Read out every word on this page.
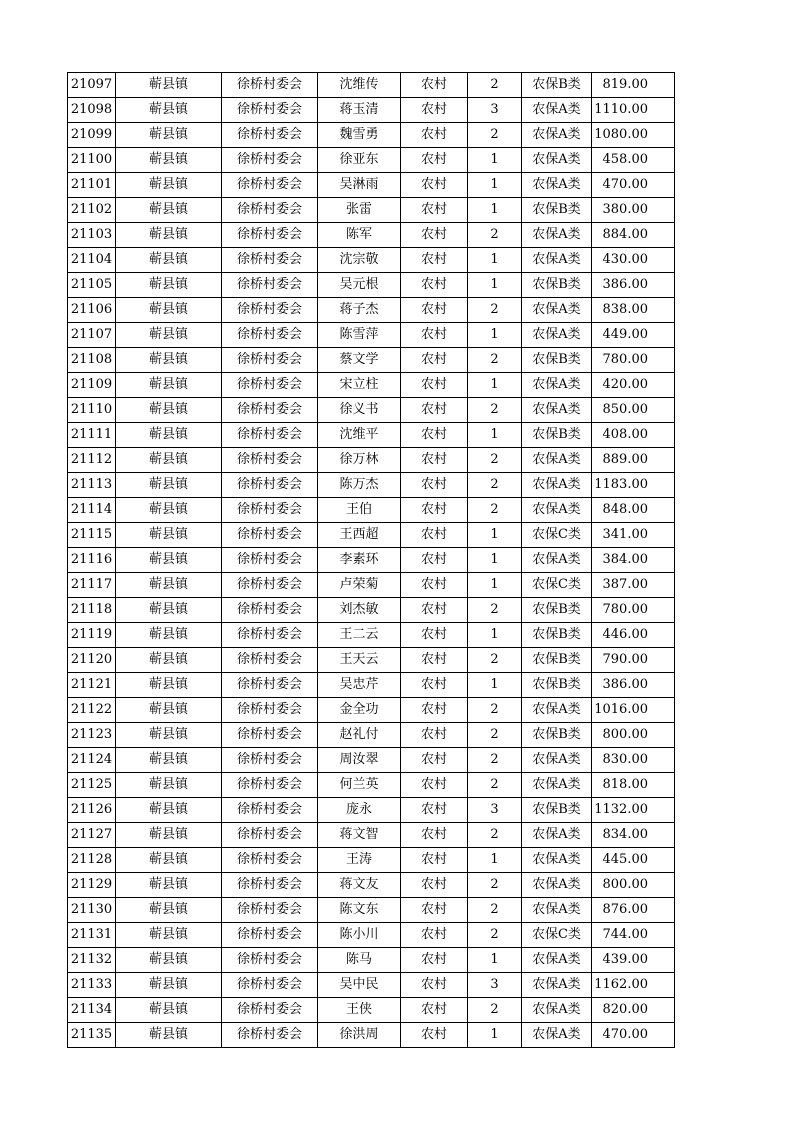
21097	蕲县镇	徐桥村委会	沈维传	农村	2	农保B类	819.00
21098	蕲县镇	徐桥村委会	蒋玉清	农村	3	农保A类	1110.00
21099	蕲县镇	徐桥村委会	魏雪勇	农村	2	农保A类	1080.00
21100	蕲县镇	徐桥村委会	徐亚东	农村	1	农保A类	458.00
21101	蕲县镇	徐桥村委会	吴淋雨	农村	1	农保A类	470.00
21102	蕲县镇	徐桥村委会	张雷	农村	1	农保B类	380.00
21103	蕲县镇	徐桥村委会	陈军	农村	2	农保A类	884.00
21104	蕲县镇	徐桥村委会	沈宗敬	农村	1	农保A类	430.00
21105	蕲县镇	徐桥村委会	吴元根	农村	1	农保B类	386.00
21106	蕲县镇	徐桥村委会	蒋子杰	农村	2	农保A类	838.00
21107	蕲县镇	徐桥村委会	陈雪萍	农村	1	农保A类	449.00
21108	蕲县镇	徐桥村委会	蔡文学	农村	2	农保B类	780.00
21109	蕲县镇	徐桥村委会	宋立柱	农村	1	农保A类	420.00
21110	蕲县镇	徐桥村委会	徐义书	农村	2	农保A类	850.00
21111	蕲县镇	徐桥村委会	沈维平	农村	1	农保B类	408.00
21112	蕲县镇	徐桥村委会	徐万林	农村	2	农保A类	889.00
21113	蕲县镇	徐桥村委会	陈万杰	农村	2	农保A类	1183.00
21114	蕲县镇	徐桥村委会	王伯	农村	2	农保A类	848.00
21115	蕲县镇	徐桥村委会	王西超	农村	1	农保C类	341.00
21116	蕲县镇	徐桥村委会	李素环	农村	1	农保A类	384.00
21117	蕲县镇	徐桥村委会	卢荣菊	农村	1	农保C类	387.00
21118	蕲县镇	徐桥村委会	刘杰敏	农村	2	农保B类	780.00
21119	蕲县镇	徐桥村委会	王二云	农村	1	农保B类	446.00
21120	蕲县镇	徐桥村委会	王天云	农村	2	农保B类	790.00
21121	蕲县镇	徐桥村委会	吴忠芹	农村	1	农保B类	386.00
21122	蕲县镇	徐桥村委会	金全功	农村	2	农保A类	1016.00
21123	蕲县镇	徐桥村委会	赵礼付	农村	2	农保B类	800.00
21124	蕲县镇	徐桥村委会	周汝翠	农村	2	农保A类	830.00
21125	蕲县镇	徐桥村委会	何兰英	农村	2	农保A类	818.00
21126	蕲县镇	徐桥村委会	庞永	农村	3	农保B类	1132.00
21127	蕲县镇	徐桥村委会	蒋文智	农村	2	农保A类	834.00
21128	蕲县镇	徐桥村委会	王涛	农村	1	农保A类	445.00
21129	蕲县镇	徐桥村委会	蒋文友	农村	2	农保A类	800.00
21130	蕲县镇	徐桥村委会	陈文东	农村	2	农保A类	876.00
21131	蕲县镇	徐桥村委会	陈小川	农村	2	农保C类	744.00
21132	蕲县镇	徐桥村委会	陈马	农村	1	农保A类	439.00
21133	蕲县镇	徐桥村委会	吴中民	农村	3	农保A类	1162.00
21134	蕲县镇	徐桥村委会	王侠	农村	2	农保A类	820.00
21135	蕲县镇	徐桥村委会	徐洪周	农村	1	农保A类	470.00
